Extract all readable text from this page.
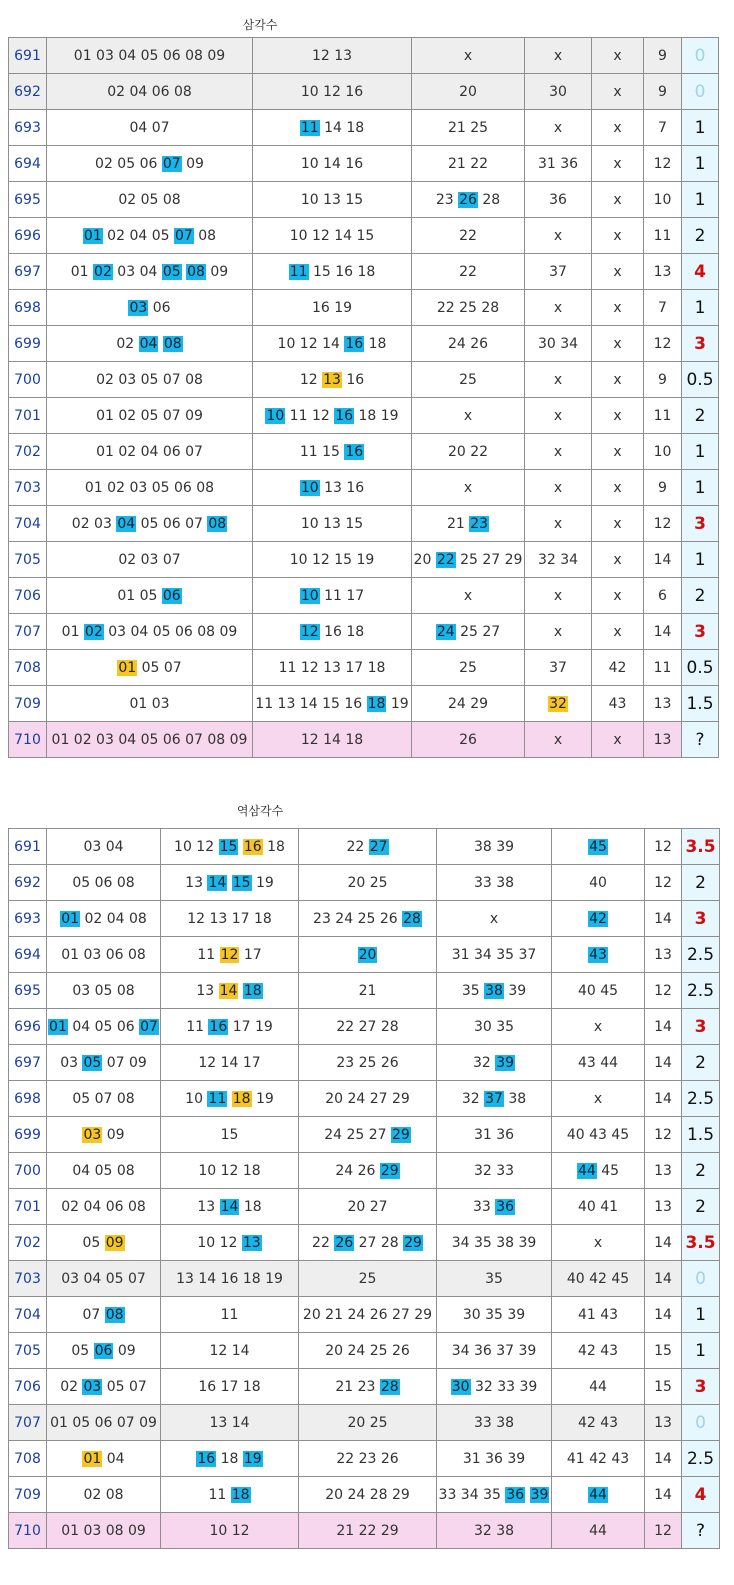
삼각수
691	01 03 04 05 06 08 09	12 13	x	x	x	9	0
692	02 04 06 08	10 12 16	20	30	x	9	0
693	04 07	11 14 18	21 25	x	x	7	1
694	02 05 06 07 09	10 14 16	21 22	31 36	x	12	1
695	02 05 08	10 13 15	23 26 28	36	x	10	1
696	01 02 04 05 07 08	10 12 14 15	22	x	x	11	2
697	01 02 03 04 05 08 09	11 15 16 18	22	37	x	13	4
698	03 06	16 19	22 25 28	x	x	7	1
699	02 04 08	10 12 14 16 18	24 26	30 34	x	12	3
700	02 03 05 07 08	12 13 16	25	x	x	9	0.5
701	01 02 05 07 09	10 11 12 16 18 19	x	x	x	11	2
702	01 02 04 06 07	11 15 16	20 22	x	x	10	1
703	01 02 03 05 06 08	10 13 16	x	x	x	9	1
704	02 03 04 05 06 07 08	10 13 15	21 23	x	x	12	3
705	02 03 07	10 12 15 19	20 22 25 27 29	32 34	x	14	1
706	01 05 06	10 11 17	x	x	x	6	2
707	01 02 03 04 05 06 08 09	12 16 18	24 25 27	x	x	14	3
708	01 05 07	11 12 13 17 18	25	37	42	11	0.5
709	01 03	11 13 14 15 16 18 19	24 29	32	43	13	1.5
710	01 02 03 04 05 06 07 08 09	12 14 18	26	x	x	13	?
역삼각수
691	03 04	10 12 15 16 18	22 27	38 39	45	12	3.5
692	05 06 08	13 14 15 19	20 25	33 38	40	12	2
693	01 02 04 08	12 13 17 18	23 24 25 26 28	x	42	14	3
694	01 03 06 08	11 12 17	20	31 34 35 37	43	13	2.5
695	03 05 08	13 14 18	21	35 38 39	40 45	12	2.5
696	01 04 05 06 07	11 16 17 19	22 27 28	30 35	x	14	3
697	03 05 07 09	12 14 17	23 25 26	32 39	43 44	14	2
698	05 07 08	10 11 18 19	20 24 27 29	32 37 38	x	14	2.5
699	03 09	15	24 25 27 29	31 36	40 43 45	12	1.5
700	04 05 08	10 12 18	24 26 29	32 33	44 45	13	2
701	02 04 06 08	13 14 18	20 27	33 36	40 41	13	2
702	05 09	10 12 13	22 26 27 28 29	34 35 38 39	x	14	3.5
703	03 04 05 07	13 14 16 18 19	25	35	40 42 45	14	0
704	07 08	11	20 21 24 26 27 29	30 35 39	41 43	14	1
705	05 06 09	12 14	20 24 25 26	34 36 37 39	42 43	15	1
706	02 03 05 07	16 17 18	21 23 28	30 32 33 39	44	15	3
707	01 05 06 07 09	13 14	20 25	33 38	42 43	13	0
708	01 04	16 18 19	22 23 26	31 36 39	41 42 43	14	2.5
709	02 08	11 18	20 24 28 29	33 34 35 36 39	44	14	4
710	01 03 08 09	10 12	21 22 29	32 38	44	12	?
